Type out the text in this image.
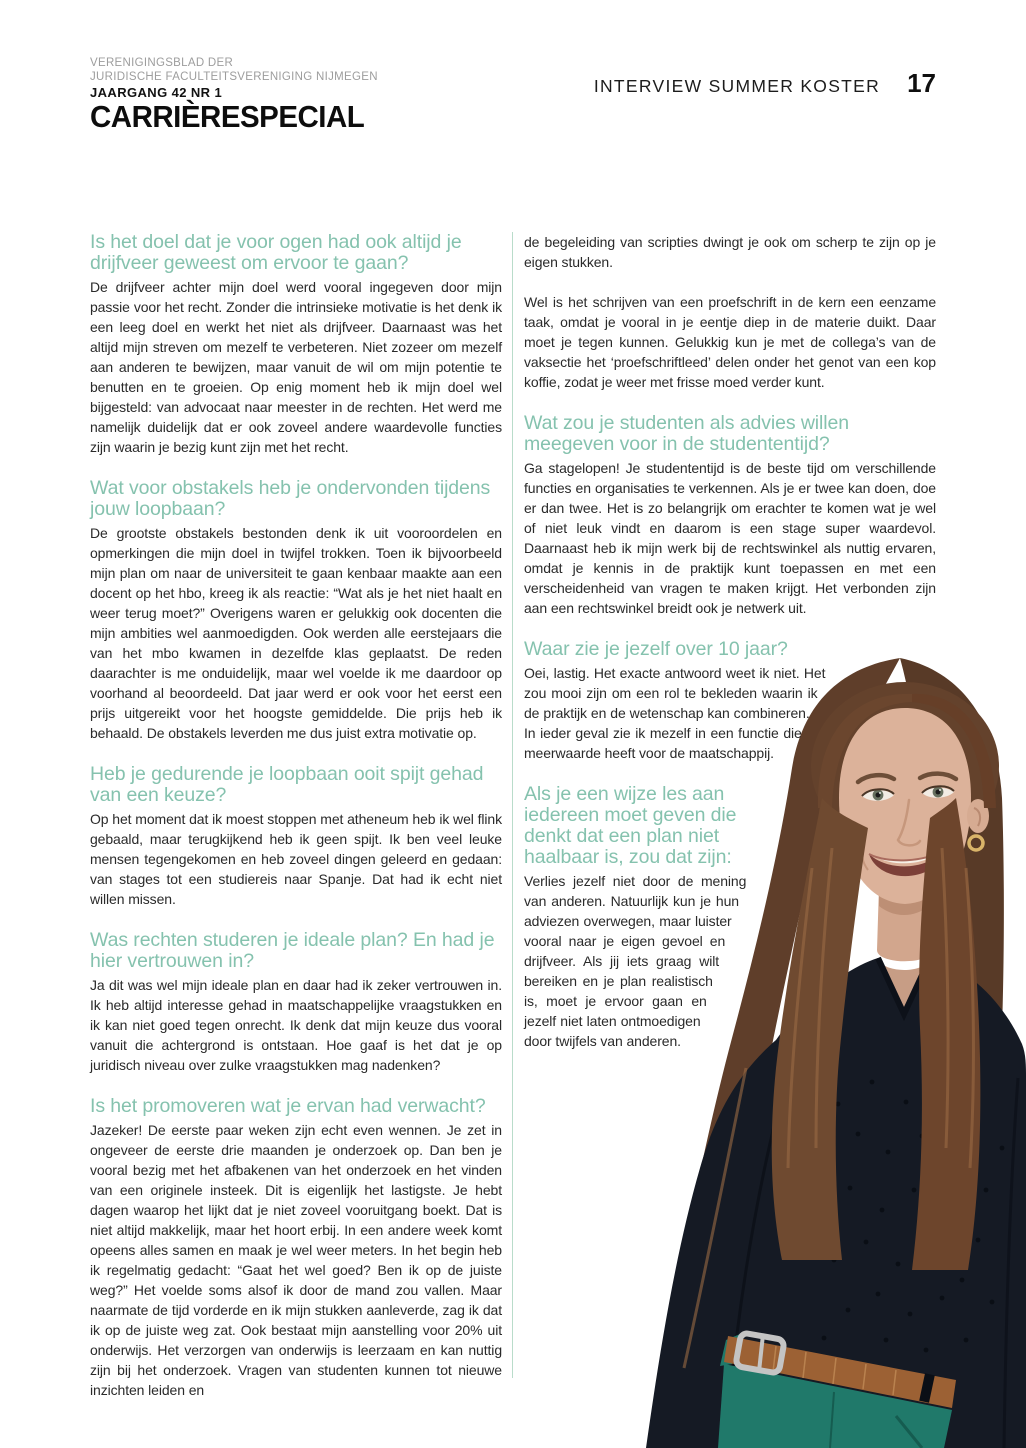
VERENIGINGSBLAD DER
JURIDISCHE FACULTEITSVERENIGING NIJMEGEN
JAARGANG 42 NR 1
CARRIÈRESPECIAL
INTERVIEW SUMMER KOSTER 17
Is het doel dat je voor ogen had ook altijd je drijfveer geweest om ervoor te gaan?

De drijfveer achter mijn doel werd vooral ingegeven door mijn passie voor het recht. Zonder die intrinsieke motivatie is het denk ik een leeg doel en werkt het niet als drijfveer. Daarnaast was het altijd mijn streven om mezelf te verbeteren. Niet zozeer om mezelf aan anderen te bewijzen, maar vanuit de wil om mijn potentie te benutten en te groeien. Op enig moment heb ik mijn doel wel bijgesteld: van advocaat naar meester in de rechten. Het werd me namelijk duidelijk dat er ook zoveel andere waardevolle functies zijn waarin je bezig kunt zijn met het recht.

Wat voor obstakels heb je ondervonden tijdens jouw loopbaan?

De grootste obstakels bestonden denk ik uit vooroordelen en opmerkingen die mijn doel in twijfel trokken. Toen ik bijvoorbeeld mijn plan om naar de universiteit te gaan kenbaar maakte aan een docent op het hbo, kreeg ik als reactie: “Wat als je het niet haalt en weer terug moet?” Overigens waren er gelukkig ook docenten die mijn ambities wel aanmoedigden. Ook werden alle eerstejaars die van het mbo kwamen in dezelfde klas geplaatst. De reden daarachter is me onduidelijk, maar wel voelde ik me daardoor op voorhand al beoordeeld. Dat jaar werd er ook voor het eerst een prijs uitgereikt voor het hoogste gemiddelde. Die prijs heb ik behaald. De obstakels leverden me dus juist extra motivatie op.

Heb je gedurende je loopbaan ooit spijt gehad van een keuze?

Op het moment dat ik moest stoppen met atheneum heb ik wel flink gebaald, maar terugkijkend heb ik geen spijt. Ik ben veel leuke mensen tegengekomen en heb zoveel dingen geleerd en gedaan: van stages tot een studiereis naar Spanje. Dat had ik echt niet willen missen.

Was rechten studeren je ideale plan? En had je hier vertrouwen in?

Ja dit was wel mijn ideale plan en daar had ik zeker vertrouwen in. Ik heb altijd interesse gehad in maatschappelijke vraagstukken en ik kan niet goed tegen onrecht. Ik denk dat mijn keuze dus vooral vanuit die achtergrond is ontstaan. Hoe gaaf is het dat je op juridisch niveau over zulke vraagstukken mag nadenken?

Is het promoveren wat je ervan had verwacht?

Jazeker! De eerste paar weken zijn echt even wennen. Je zet in ongeveer de eerste drie maanden je onderzoek op. Dan ben je vooral bezig met het afbakenen van het onderzoek en het vinden van een originele insteek. Dit is eigenlijk het lastigste. Je hebt dagen waarop het lijkt dat je niet zoveel vooruitgang boekt. Dat is niet altijd makkelijk, maar het hoort erbij. In een andere week komt opeens alles samen en maak je wel weer meters. In het begin heb ik regelmatig gedacht: “Gaat het wel goed? Ben ik op de juiste weg?” Het voelde soms alsof ik door de mand zou vallen. Maar naarmate de tijd vorderde en ik mijn stukken aanleverde, zag ik dat ik op de juiste weg zat. Ook bestaat mijn aanstelling voor 20% uit onderwijs. Het verzorgen van onderwijs is leerzaam en kan nuttig zijn bij het onderzoek. Vragen van studenten kunnen tot nieuwe inzichten leiden en

de begeleiding van scripties dwingt je ook om scherp te zijn op je eigen stukken.

Wel is het schrijven van een proefschrift in de kern een eenzame taak, omdat je vooral in je eentje diep in de materie duikt. Daar moet je tegen kunnen. Gelukkig kun je met de collega’s van de vaksectie het ‘proefschriftleed’ delen onder het genot van een kop koffie, zodat je weer met frisse moed verder kunt.

Wat zou je studenten als advies willen meegeven voor in de studententijd?

Ga stagelopen! Je studententijd is de beste tijd om verschillende functies en organisaties te verkennen. Als je er twee kan doen, doe er dan twee. Het is zo belangrijk om erachter te komen wat je wel of niet leuk vindt en daarom is een stage super waardevol. Daarnaast heb ik mijn werk bij de rechtswinkel als nuttig ervaren, omdat je kennis in de praktijk kunt toepassen en met een verscheidenheid van vragen te maken krijgt. Het verbonden zijn aan een rechtswinkel breidt ook je netwerk uit.

Waar zie je jezelf over 10 jaar?

Oei, lastig. Het exacte antwoord weet ik niet. Het zou mooi zijn om een rol te bekleden waarin ik de praktijk en de wetenschap kan combineren. In ieder geval zie ik mezelf in een functie die meerwaarde heeft voor de maatschappij.

Als je een wijze les aan iedereen moet geven die denkt dat een plan niet haalbaar is, zou dat zijn:

Verlies jezelf niet door de mening van anderen. Natuurlijk kun je hun adviezen overwegen, maar luister vooral naar je eigen gevoel en drijfveer. Als jij iets graag wilt bereiken en je plan realistisch is, moet je ervoor gaan en jezelf niet laten ontmoedigen door twijfels van anderen.
